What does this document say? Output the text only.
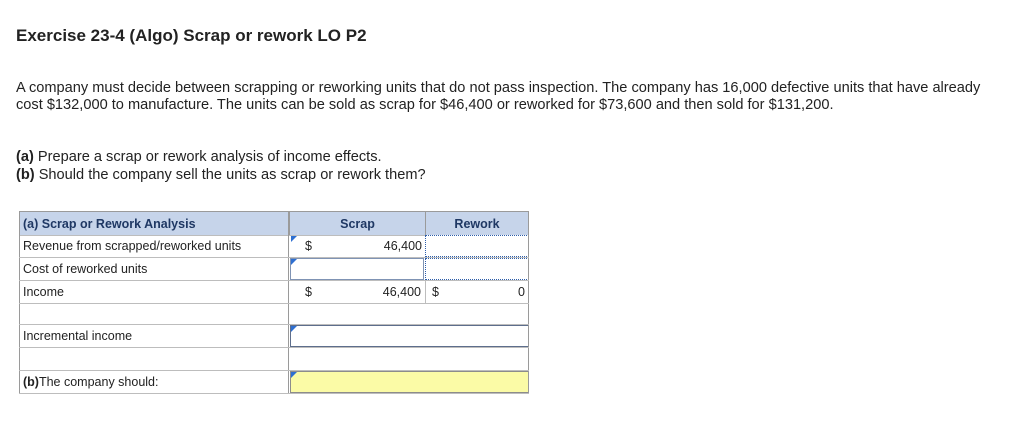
Exercise 23-4 (Algo) Scrap or rework LO P2
A company must decide between scrapping or reworking units that do not pass inspection. The company has 16,000 defective units that have already cost $132,000 to manufacture. The units can be sold as scrap for $46,400 or reworked for $73,600 and then sold for $131,200.
(a) Prepare a scrap or rework analysis of income effects.
(b) Should the company sell the units as scrap or rework them?
(a) Scrap or Rework Analysis	Scrap	Rework
Revenue from scrapped/reworked units	$	46,400
Cost of reworked units
Income	$	46,400 $	0
Incremental income
(b) The company should:
